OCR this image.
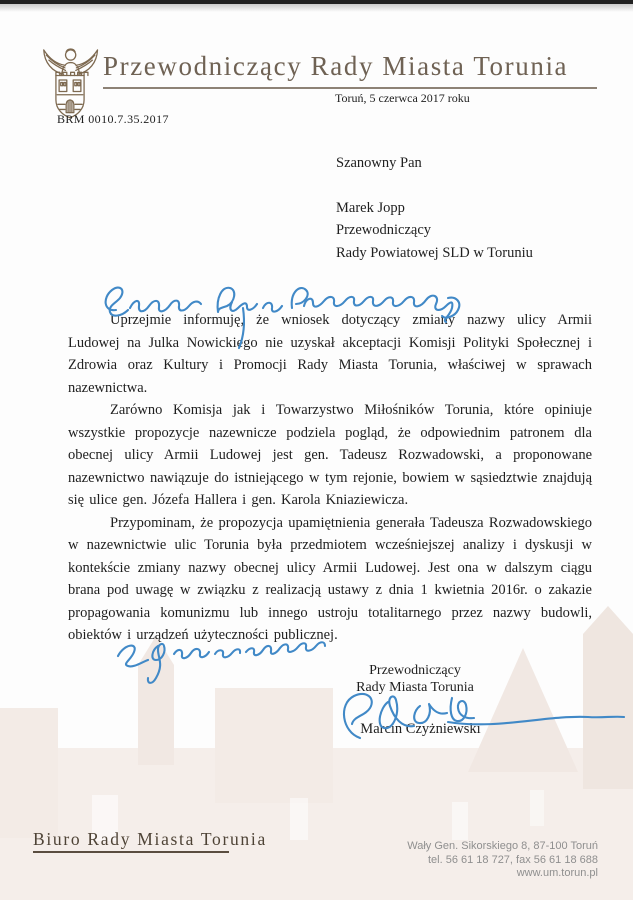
Przewodniczący Rady Miasta Torunia
Toruń, 5 czerwca 2017 roku
BRM 0010.7.35.2017
Szanowny Pan
Marek Jopp
Przewodniczący
Rady Powiatowej SLD w Toruniu

Uprzejmie informuję, że wniosek dotyczący zmiany nazwy ulicy Armii Ludowej na Julka Nowickiego nie uzyskał akceptacji Komisji Polityki Społecznej i Zdrowia oraz Kultury i Promocji Rady Miasta Torunia, właściwej w sprawach nazewnictwa.

Zarówno Komisja jak i Towarzystwo Miłośników Torunia, które opiniuje wszystkie propozycje nazewnicze podziela pogląd, że odpowiednim patronem dla obecnej ulicy Armii Ludowej jest gen. Tadeusz Rozwadowski, a proponowane nazewnictwo nawiązuje do istniejącego w tym rejonie, bowiem w sąsiedztwie znajdują się ulice gen. Józefa Hallera i gen. Karola Kniaziewicza.

Przypominam, że propozycja upamiętnienia generała Tadeusza Rozwadowskiego w nazewnictwie ulic Torunia była przedmiotem wcześniejszej analizy i dyskusji w kontekście zmiany nazwy obecnej ulicy Armii Ludowej. Jest ona w dalszym ciągu brana pod uwagę w związku z realizacją ustawy z dnia 1 kwietnia 2016r. o zakazie propagowania komunizmu lub innego ustroju totalitarnego przez nazwy budowli, obiektów i urządzeń użyteczności publicznej.

Przewodniczący
Rady Miasta Torunia
Marcin Czyżniewski
Biuro Rady Miasta Torunia	Wały Gen. Sikorskiego 8, 87-100 Toruń
tel. 56 61 18 727, fax 56 61 18 688
www.um.torun.pl
